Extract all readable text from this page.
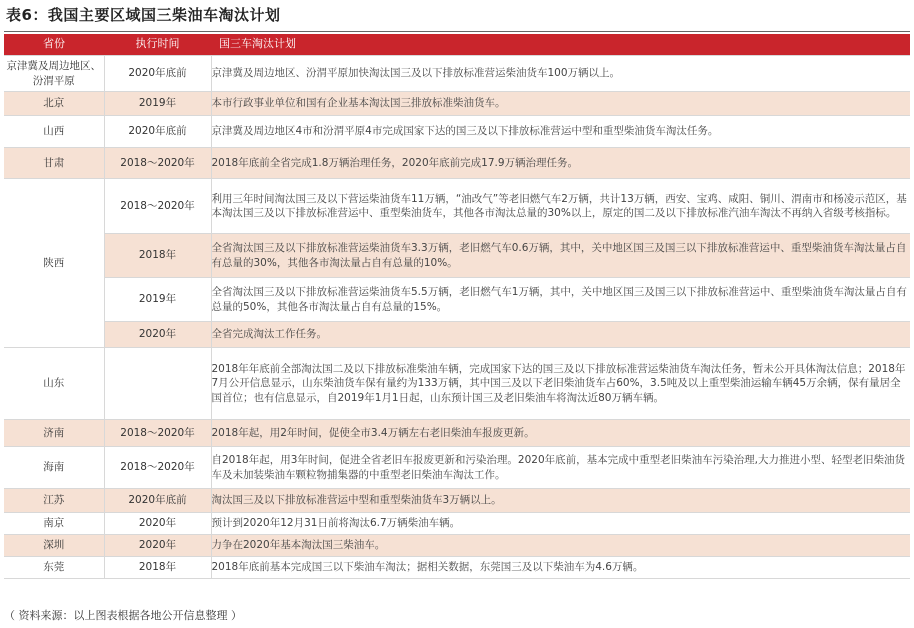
表6：我国主要区域国三柴油车淘汰计划
省份	执行时间	国三车淘汰计划
京津冀及周边地区、汾渭平原	2020年底前	京津冀及周边地区、汾渭平原加快淘汰国三及以下排放标准营运柴油货车100万辆以上。
北京	2019年	本市行政事业单位和国有企业基本淘汰国三排放标准柴油货车。
山西	2020年底前	京津冀及周边地区4市和汾渭平原4市完成国家下达的国三及以下排放标准营运中型和重型柴油货车淘汰任务。
甘肃	2018～2020年	2018年底前全省完成1.8万辆治理任务，2020年底前完成17.9万辆治理任务。
陕西	2018～2020年	利用三年时间淘汰国三及以下营运柴油货车11万辆，“油改气”等老旧燃气车2万辆，共计13万辆，西安、宝鸡、咸阳、铜川、渭南市和杨凌示范区，基本淘汰国三及以下排放标准营运中、重型柴油货车，其他各市淘汰总量的30%以上，原定的国二及以下排放标准汽油车淘汰不再纳入省级考核指标。
	2018年	全省淘汰国三及以下排放标准营运柴油货车3.3万辆，老旧燃气车0.6万辆，其中，关中地区国三及国三以下排放标准营运中、重型柴油货车淘汰量占自有总量的30%，其他各市淘汰量占自有总量的10%。
	2019年	全省淘汰国三及以下排放标准营运柴油货车5.5万辆，老旧燃气车1万辆，其中，关中地区国三及国三以下排放标准营运中、重型柴油货车淘汰量占自有总量的50%，其他各市淘汰量占自有总量的15%。
	2020年	全省完成淘汰工作任务。
山东		2018年年底前全部淘汰国二及以下排放标准柴油车辆，完成国家下达的国三及以下排放标准营运柴油货车淘汰任务，暂未公开具体淘汰信息；2018年7月公开信息显示，山东柴油货车保有量约为133万辆，其中国三及以下老旧柴油货车占60%，3.5吨及以上重型柴油运输车辆45万余辆，保有量居全国首位；也有信息显示，自2019年1月1日起，山东预计国三及老旧柴油车将淘汰近80万辆车辆。
济南	2018～2020年	2018年起，用2年时间，促使全市3.4万辆左右老旧柴油车报废更新。
海南	2018～2020年	自2018年起，用3年时间，促进全省老旧车报废更新和污染治理。2020年底前，基本完成中重型老旧柴油车污染治理,大力推进小型、轻型老旧柴油货车及未加装柴油车颗粒物捕集器的中重型老旧柴油车淘汰工作。
江苏	2020年底前	淘汰国三及以下排放标准营运中型和重型柴油货车3万辆以上。
南京	2020年	预计到2020年12月31日前将淘汰6.7万辆柴油车辆。
深圳	2020年	力争在2020年基本淘汰国三柴油车。
东莞	2018年	2018年底前基本完成国三以下柴油车淘汰；据相关数据，东莞国三及以下柴油车为4.6万辆。
（ 资料来源：以上图表根据各地公开信息整理 ）
